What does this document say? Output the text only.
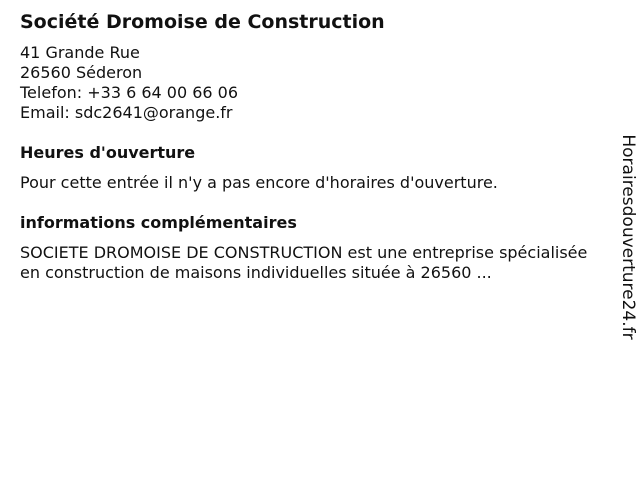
Société Dromoise de Construction
41 Grande Rue
26560 Séderon
Telefon: +33 6 64 00 66 06
Email: sdc2641@orange.fr
Heures d'ouverture
Pour cette entrée il n'y a pas encore d'horaires d'ouverture.
informations complémentaires
SOCIETE DROMOISE DE CONSTRUCTION est une entreprise spécialisée en construction de maisons individuelles située à 26560 ...	Horairesdouverture24.fr
